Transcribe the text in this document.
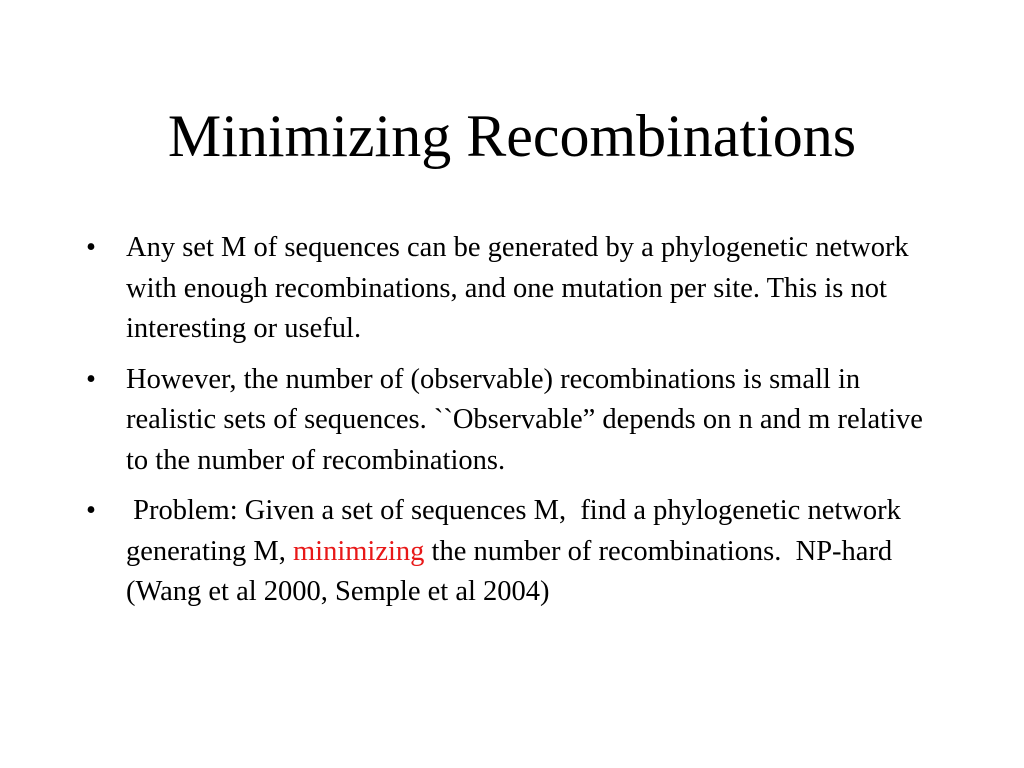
Minimizing Recombinations
• Any set M of sequences can be generated by a phylogenetic network with enough recombinations, and one mutation per site. This is not interesting or useful.
• However, the number of (observable) recombinations is small in realistic sets of sequences. ``Observable” depends on n and m relative to the number of recombinations.
• Problem: Given a set of sequences M,  find a phylogenetic network generating M, minimizing the number of recombinations.  NP-hard (Wang et al 2000, Semple et al 2004)
